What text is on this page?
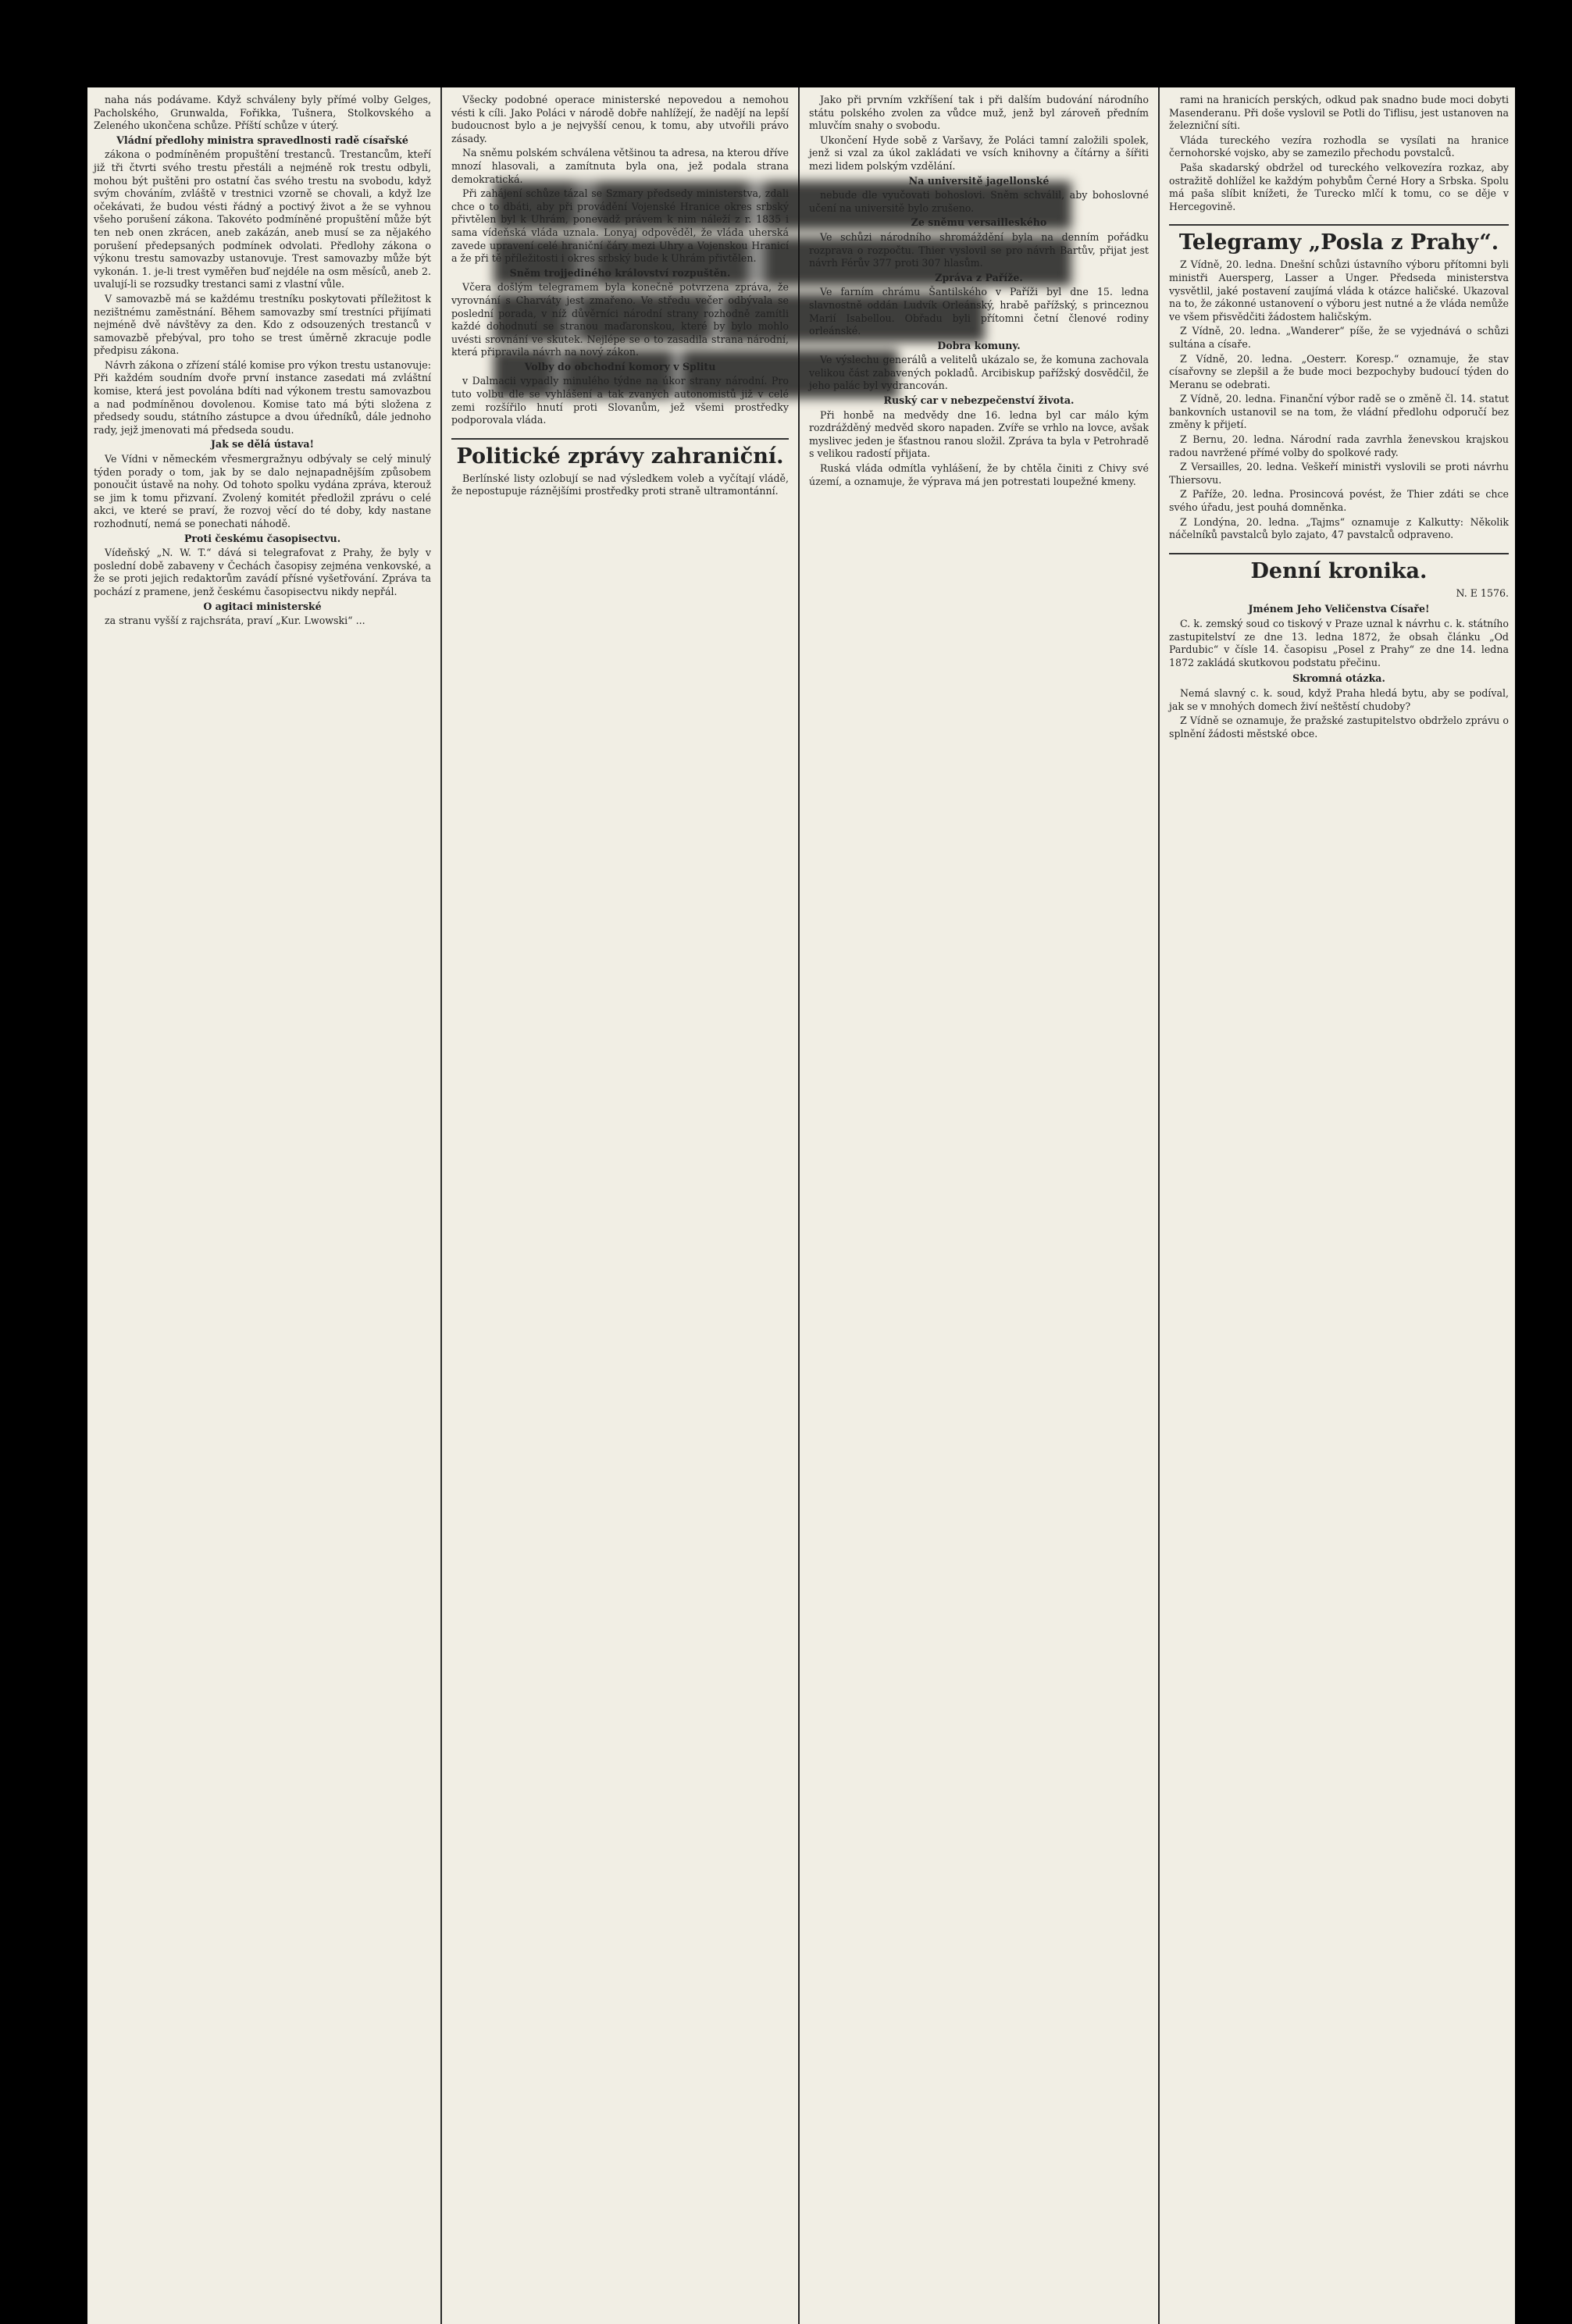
naha nás podávame. Když schváleny byly přímé volby Gelges, Pacholského, Grunwalda, Fořikka, Tušnera, Stolkovského a Zeleného ukončena schůze. Příští schůze v úterý.

Vládní předlohy ministra spravedlnosti radě císařské

zákona o podmíněném propuštění trestanců. Trestancům, kteří již tři čtvrti svého trestu přestáli a nejméně rok trestu odbyli, mohou být puštěni pro ostatní čas svého trestu na svobodu, když svým chováním, zvláště v trestnici vzorně se chovali, a když lze očekávati, že budou vésti řádný a poctivý život a že se vyhnou všeho porušení zákona. Takovéto podmíněné propuštění může být ten neb onen zkrácen, aneb zakázán, aneb musí se za nějakého porušení předepsaných podmínek odvolati. Předlohy zákona o výkonu trestu samovazby ustanovuje. Trest samovazby může být vykonán. 1. je-li trest vyměřen buď nejdéle na osm měsíců, aneb 2. uvalují-li se rozsudky trestanci sami z vlastní vůle.

V samovazbě má se každému trestníku poskytovati příležitost k nezištnému zaměstnání. Během samovazby smí trestníci přijímati nejméně dvě návštěvy za den. Kdo z odsouzených trestanců v samovazbě přebýval, pro toho se trest úměrně zkracuje podle předpisu zákona.

Návrh zákona o zřízení stálé komise pro výkon trestu ustanovuje: Při každém soudním dvoře první instance zasedati má zvláštní komise, která jest povolána bdíti nad výkonem trestu samovazbou a nad podmíněnou dovolenou. Komise tato má býti složena z předsedy soudu, státního zástupce a dvou úředníků, dále jednoho rady, jejž jmenovati má předseda soudu.

Jak se dělá ústava!

Ve Vídni v německém vřesmergražnyu odbývaly se celý minulý týden porady o tom, jak by se dalo nejnapadnějším způsobem ponoučit ústavě na nohy. Od tohoto spolku vydána zpráva, kterouž se jim k tomu přizvaní. Zvolený komitét předložil zprávu o celé akci, ve které se praví, že rozvoj věcí do té doby, kdy nastane rozhodnutí, nemá se ponechati náhodě.

Proti českému časopisectvu.

Vídeňský „N. W. T.“ dává si telegrafovat z Prahy, že byly v poslední době zabaveny v Čechách časopisy zejména venkovské, a že se proti jejich redaktorům zavádí přísné vyšetřování. Zpráva ta pochází z pramene, jenž českému časopisectvu nikdy nepřál.

O agitaci ministerské

za stranu vyšší z rajchsráta, praví „Kur. Lwowski“ ...

Všecky podobné operace ministerské nepovedou a nemohou vésti k cíli. Jako Poláci v národě dobře nahlížejí, že nadějí na lepší budoucnost bylo a je nejvyšší cenou, k tomu, aby utvořili právo zásady.

Na sněmu polském schválena většinou ta adresa, na kterou dříve mnozí hlasovali, a zamítnuta byla ona, jež podala strana demokratická.

Při zahájení schůze tázal se Szmary předsedy ministerstva, zdali chce o to dbáti, aby při provádění Vojenské Hranice okres srbský přivtělen byl k Uhrám, ponevadž právem k nim náleží z r. 1835 i sama vídeňská vláda uznala. Lonyaj odpověděl, že vláda uherská zavede upravení celé hraniční čáry mezi Uhry a Vojenskou Hranicí a že při tě příležitosti i okres srbský bude k Uhrám přivtělen.

Sněm trojjediného království rozpuštěn.

Včera došlým telegramem byla konečně potvrzena zpráva, že vyrovnání s Charváty jest zmařeno. Ve středu večer odbývala se poslední porada, v níž důvěrníci národní strany rozhodně zamítli každé dohodnutí se stranou maďaronskou, které by bylo mohlo uvésti srovnání ve skutek. Nejlépe se o to zasadila strana národní, která připravila návrh na nový zákon.

Volby do obchodní komory v Splitu

v Dalmacii vypadly minulého týdne na úkor strany národní. Pro tuto volbu dle se vyhlášení a tak zvaných autonomistů již v celé zemi rozšířilo hnutí proti Slovanům, jež všemi prostředky podporovala vláda.

Politické zprávy zahraniční.

Berlínské listy ozlobují se nad výsledkem voleb a vyčítají vládě, že nepostupuje ráznějšími prostředky proti straně ultramontánní.

Jako při prvním vzkříšení tak i při dalším budování národního státu polského zvolen za vůdce muž, jenž byl zároveň předním mluvčím snahy o svobodu.

Ukončení Hyde sobě z Varšavy, že Poláci tamní založili spolek, jenž si vzal za úkol zakládati ve vsích knihovny a čítárny a šířiti mezi lidem polským vzdělání.

Na universitě jagellonské

nebude dle vyučovati bohoslovi. Sněm schválil, aby bohoslovné učení na universitě bylo zrušeno.

Ze sněmu versailleského

Ve schůzi národního shromáždění byla na denním pořádku rozprava o rozpočtu. Thier vyslovil se pro návrh Bartův, přijat jest návrh Férův 377 proti 307 hlasům.

Zpráva z Paříže.

Ve farním chrámu Šantilského v Paříži byl dne 15. ledna slavnostně oddán Ludvík Orleánský, hrabě pařížský, s princeznou Marií Isabellou. Obřadu byli přítomni četní členové rodiny orleánské.

Dobra komuny.

Ve výslechu generálů a velitelů ukázalo se, že komuna zachovala velikou část zabavených pokladů. Arcibiskup pařížský dosvědčil, že jeho palác byl vydrancován.

Ruský car v nebezpečenství života.

Při honbě na medvědy dne 16. ledna byl car málo kým rozdrážděný medvěd skoro napaden. Zvíře se vrhlo na lovce, avšak myslivec jeden je šťastnou ranou složil. Zpráva ta byla v Petrohradě s velikou radostí přijata.

Ruská vláda odmítla vyhlášení, že by chtěla činiti z Chivy své území, a oznamuje, že výprava má jen potrestati loupežné kmeny.

rami na hranicích perských, odkud pak snadno bude moci dobyti Masenderanu. Při doše vyslovil se Potli do Tiflisu, jest ustanoven na železniční síti.

Vláda tureckého vezíra rozhodla se vysílati na hranice černohorské vojsko, aby se zamezilo přechodu povstalců.

Paša skadarský obdržel od tureckého velkovezíra rozkaz, aby ostražitě dohlížel ke každým pohybům Černé Hory a Srbska. Spolu má paša slíbit knížeti, že Turecko mlčí k tomu, co se děje v Hercegovině.

Telegramy „Posla z Prahy“.

Z Vídně, 20. ledna. Dnešní schůzi ústavního výboru přítomni byli ministři Auersperg, Lasser a Unger. Předseda ministerstva vysvětlil, jaké postavení zaujímá vláda k otázce haličské. Ukazoval na to, že zákonné ustanovení o výboru jest nutné a že vláda nemůže ve všem přisvědčiti žádostem haličským.

Z Vídně, 20. ledna. „Wanderer“ píše, že se vyjednává o schůzi sultána a císaře.

Z Vídně, 20. ledna. „Oesterr. Koresp.“ oznamuje, že stav císařovny se zlepšil a že bude moci bezpochyby budoucí týden do Meranu se odebrati.

Z Vídně, 20. ledna. Finanční výbor radě se o změně čl. 14. statut bankovních ustanovil se na tom, že vládní předlohu odporučí bez změny k přijetí.

Z Bernu, 20. ledna. Národní rada zavrhla ženevskou krajskou radou navržené přímé volby do spolkové rady.

Z Versailles, 20. ledna. Veškeří ministři vyslovili se proti návrhu Thiersovu.

Z Paříže, 20. ledna. Prosincová povést, že Thier zdáti se chce svého úřadu, jest pouhá domněnka.

Z Londýna, 20. ledna. „Tajms“ oznamuje z Kalkutty: Několik náčelníků pavstalců bylo zajato, 47 pavstalců odpraveno.

Denní kronika.

N. E 1576.

Jménem Jeho Veličenstva Císaře!

C. k. zemský soud co tiskový v Praze uznal k návrhu c. k. státního zastupitelství ze dne 13. ledna 1872, že obsah článku „Od Pardubic“ v čísle 14. časopisu „Posel z Prahy“ ze dne 14. ledna 1872 zakládá skutkovou podstatu přečinu.

Skromná otázka.

Nemá slavný c. k. soud, když Praha hledá bytu, aby se podíval, jak se v mnohých domech živí neštěstí chudoby?

Z Vídně se oznamuje, že pražské zastupitelstvo obdrželo zprávu o splnění žádosti městské obce.
